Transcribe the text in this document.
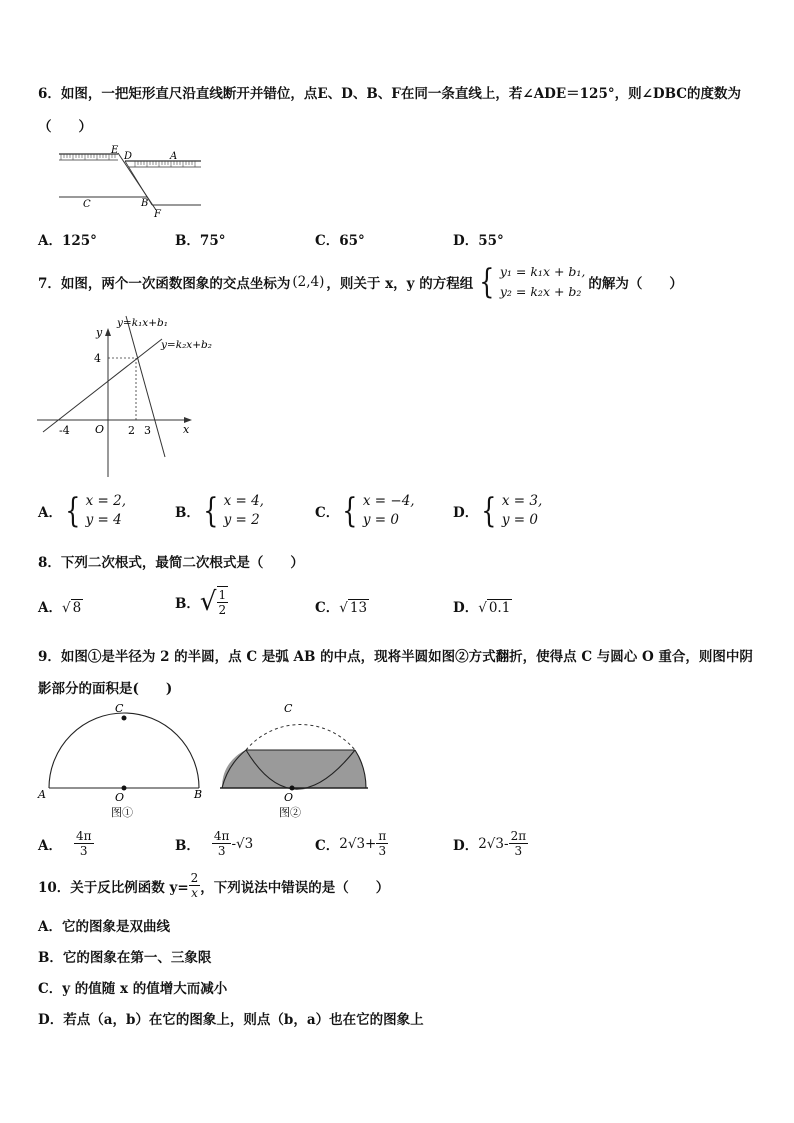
6．如图，一把矩形直尺沿直线断开并错位，点E、D、B、F在同一条直线上，若∠ADE＝125°，则∠DBC的度数为
（　　）
E
D	A
C	B
F
A．125°	B．75°	C．65°	D．55°
7．如图，两个一次函数图象的交点坐标为 (2,4) ，则关于 x，y 的方程组 { y₁ = k₁x + b₁,
y₂ = k₂x + b₂ 的解为（　　）
y=k₁x+b₁
y=k₂x+b₂
y
x
O
-4	2 3
4
A． { x = 2,
y = 4	B． { x = 4,
y = 2	C． { x = −4,
y = 0	D． { x = 3,
y = 0
8．下列二次根式，最简二次根式是（　　）
A．√ 8	B． √ $\frac{1}{2}$	C．√ 13	D．√ 0.1
9．如图①是半径为 2 的半圆，点 C 是弧 AB 的中点，现将半圆如图②方式翻折，使得点 C 与圆心 O 重合，则图中阴
影部分的面积是(　　)
C
A	O	B
图①
C
O
图②
A． $\frac{4\pi}{3}$	B． $\frac{4\pi}{3} -√3$	C． $2√3+ \frac{\pi}{3}$	D． $2√3- \frac{2\pi}{3}$
10．关于反比例函数 $y= \frac{2}{x}$ ，下列说法中错误的是（　　）
A．它的图象是双曲线
B．它的图象在第一、三象限
C．y 的值随 x 的值增大而减小
D．若点（a，b）在它的图象上，则点（b，a）也在它的图象上
